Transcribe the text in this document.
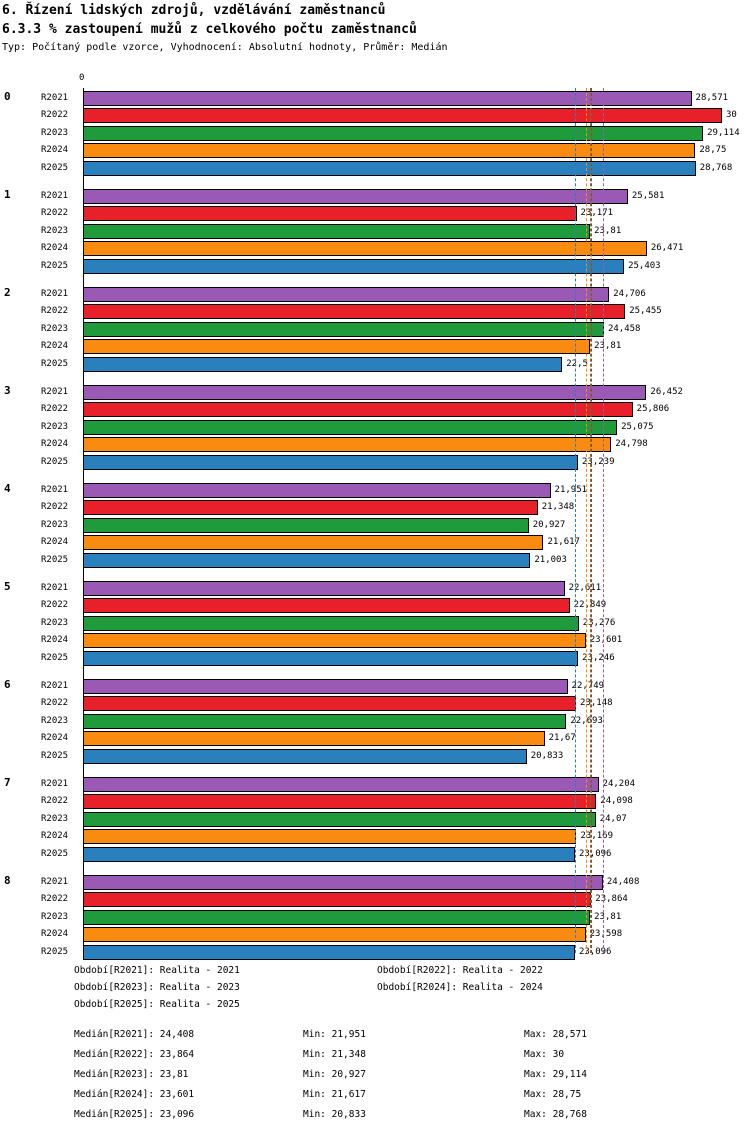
6. Řízení lidských zdrojů, vzdělávání zaměstnanců
6.3.3 % zastoupení mužů z celkového počtu zaměstnanců
Typ: Počítaný podle vzorce, Vyhodnocení: Absolutní hodnoty, Průměr: Medián
0
Období[R2021]: Realita - 2021	Období[R2022]: Realita - 2022
Období[R2023]: Realita - 2023	Období[R2024]: Realita - 2024
Období[R2025]: Realita - 2025
Medián[R2021]: 24,408	Min: 21,951	Max: 28,571
Medián[R2022]: 23,864	Min: 21,348	Max: 30
Medián[R2023]: 23,81	Min: 20,927	Max: 29,114
Medián[R2024]: 23,601	Min: 21,617	Max: 28,75
Medián[R2025]: 23,096	Min: 20,833	Max: 28,768
0	R2021	28,571
R2022	30
R2023	29,114
R2024	28,75
R2025	28,768
1	R2021	25,581
R2022	23,171
R2023	23,81
R2024	26,471
R2025	25,403
2	R2021	24,706
R2022	25,455
R2023	24,458
R2024	23,81
R2025	22,5
3	R2021	26,452
R2022	25,806
R2023	25,075
R2024	24,798
R2025	23,239
4	R2021	21,951
R2022	21,348
R2023	20,927
R2024	21,617
R2025	21,003
5	R2021	22,611
R2022	22,849
R2023	23,276
R2024	23,601
R2025	23,246
6	R2021	22,749
R2022	23,148
R2023	22,693
R2024	21,67
R2025	20,833
7	R2021	24,204
R2022	24,098
R2023	24,07
R2024	23,169
R2025	23,096
8	R2021	24,408
R2022	23,864
R2023	23,81
R2024	23,598
R2025	23,096
